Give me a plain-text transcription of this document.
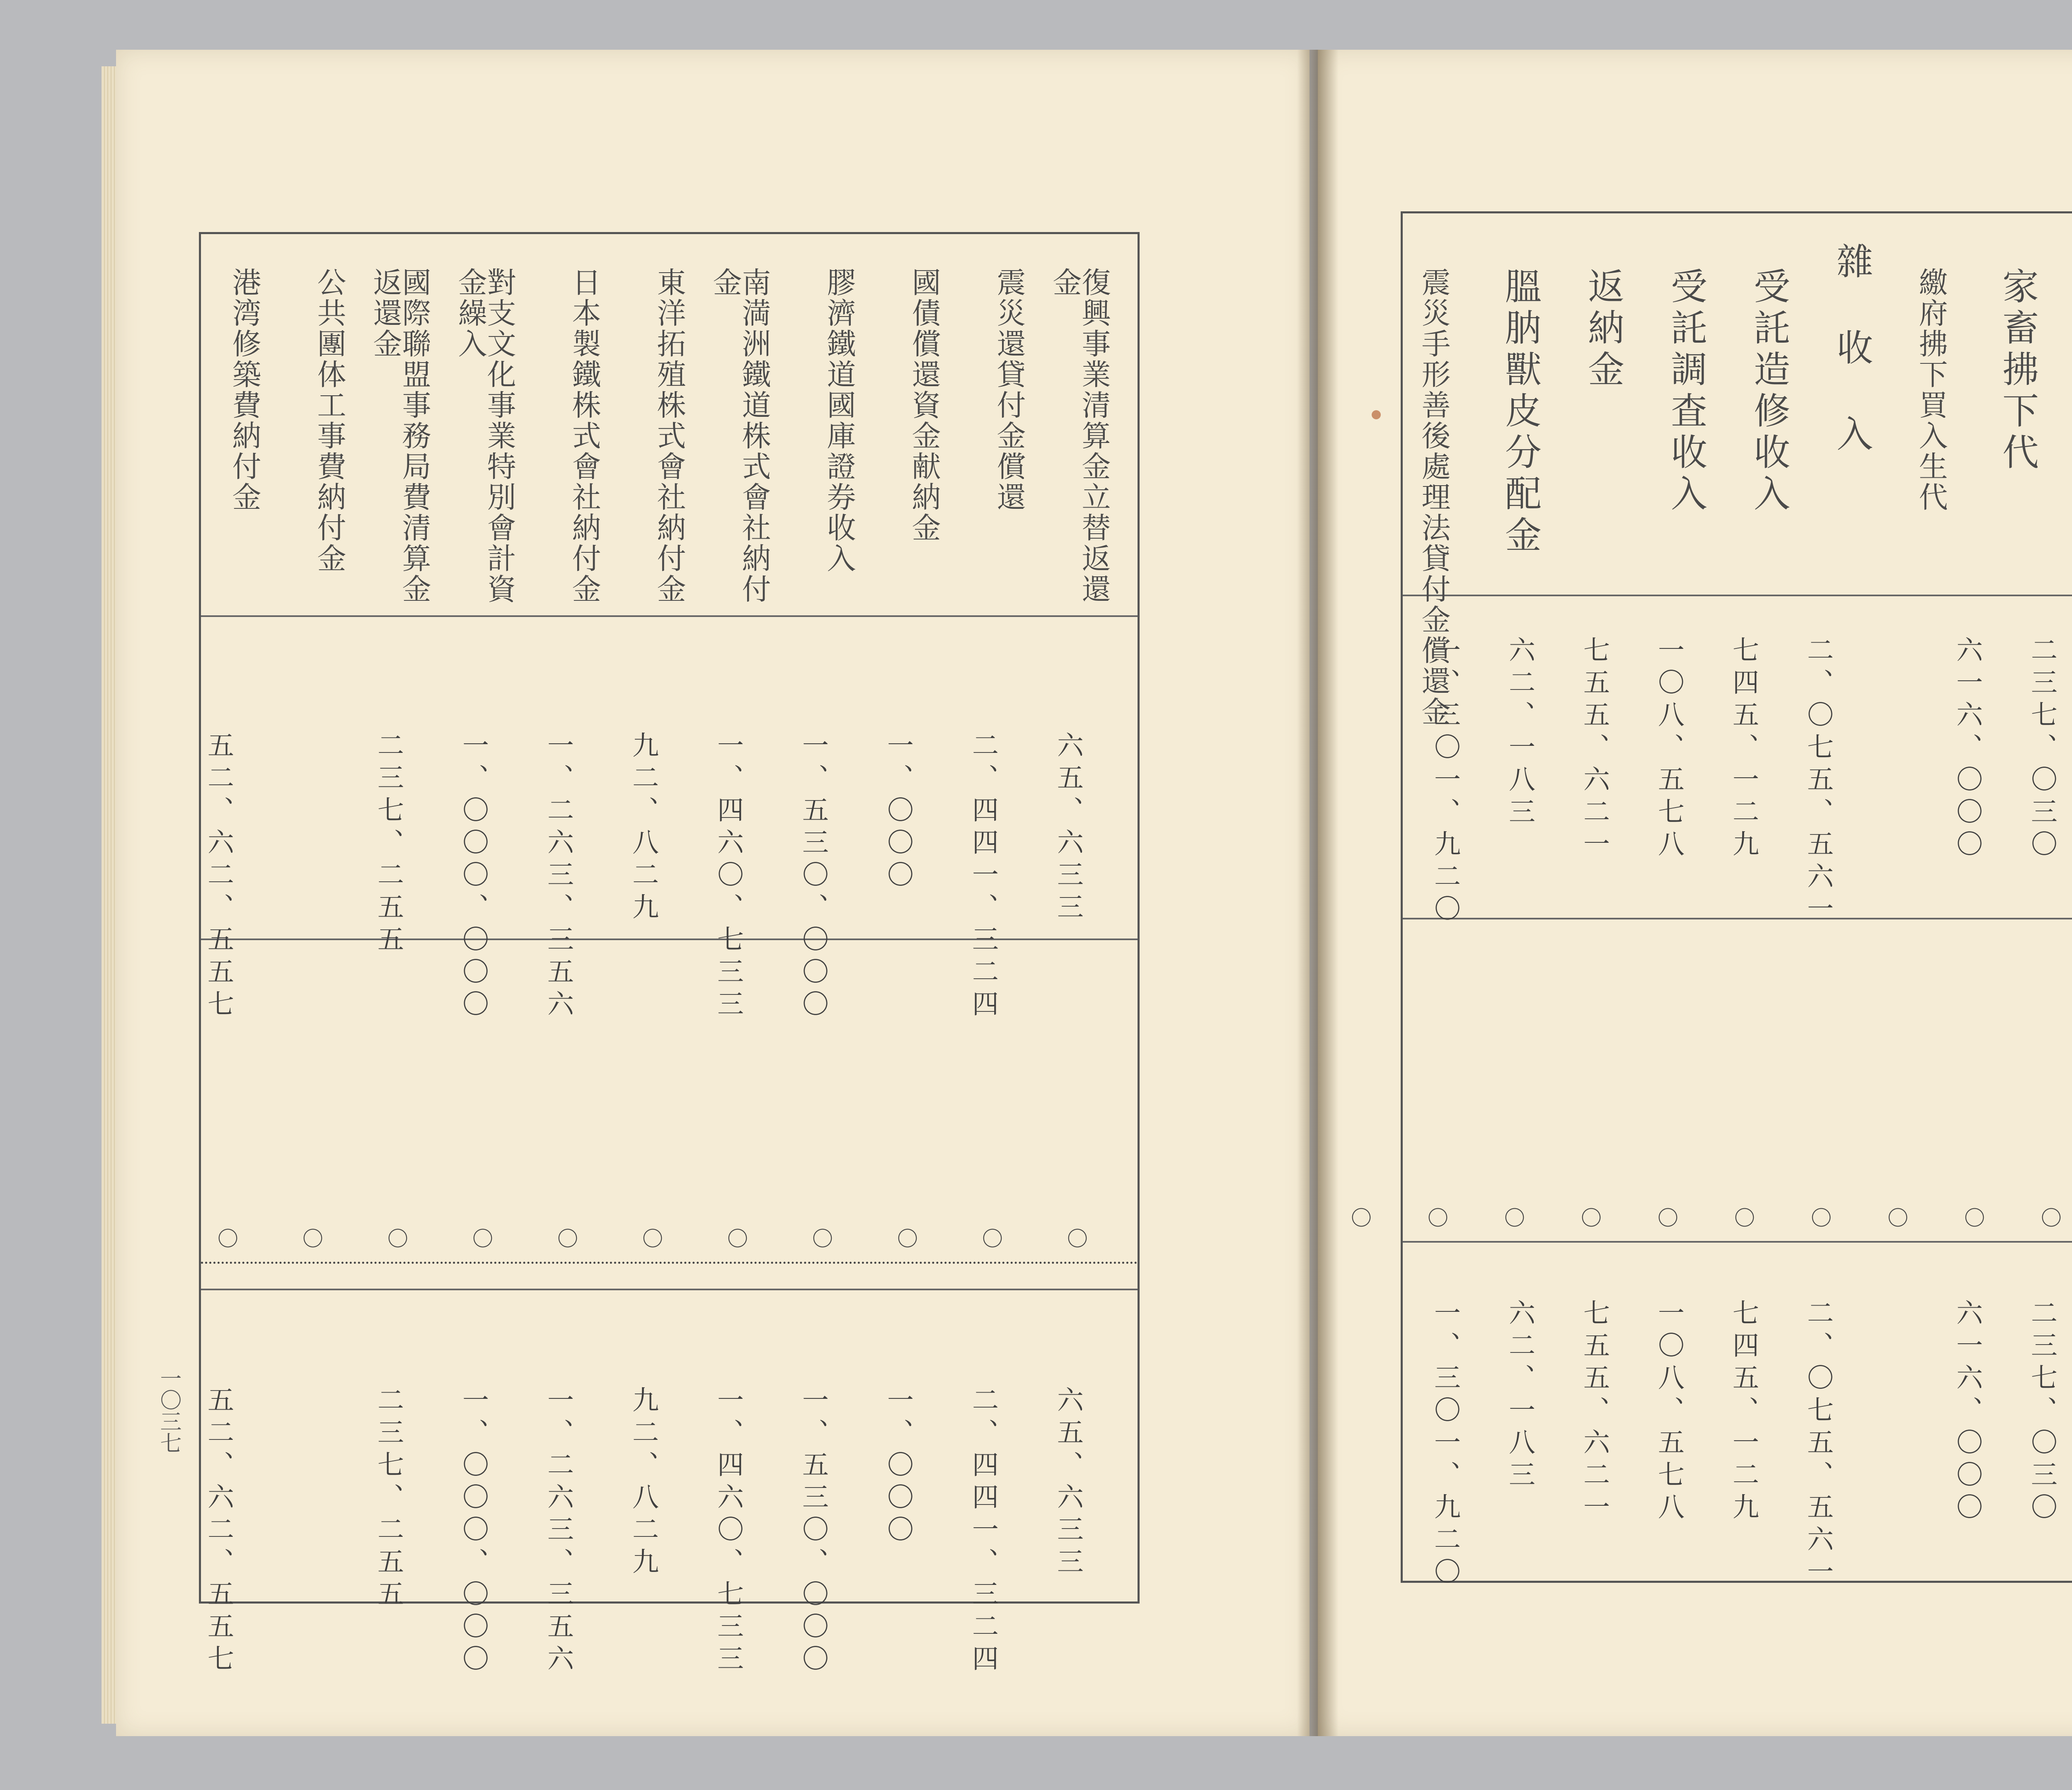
復興事業清算金立替返還金
震災還貸付金償還
國債償還資金献納金
膠濟鐵道國庫證券收入
南満洲鐵道株式會社納付金
東洋拓殖株式會社納付金
日本製鐵株式會社納付金
對支文化事業特別會計資金繰入
國際聯盟事務局費清算金返還金
公共團体工事費納付金
港湾修築費納付金
六五、六三三
六五、六三三
二、四四一、三二四
二、四四一、三二四
一、〇〇〇
一、〇〇〇
一、五三〇、〇〇〇
一、五三〇、〇〇〇
一、四六〇、七三三
一、四六〇、七三三
九二、八二九
九二、八二九
一、二六三、三五六
一、二六三、三五六
一、〇〇〇、〇〇〇
一、〇〇〇、〇〇〇
二三七、二五五
二三七、二五五
五二、六二、五五七
五二、六二、五五七
〇
〇
〇
〇
〇
〇
〇
〇
〇
〇
〇
一〇三七
家畜拂下代
繳府拂下買入生代
雜收入
受託造修收入
受託調査收入
返納金
膃肭獸皮分配金
震災手形善後處理法貸付金償還金
二三七、〇三〇
二三七、〇三〇
六一六、〇〇〇
六一六、〇〇〇
二、〇七五、五六一
二、〇七五、五六一
七四五、一二九
七四五、一二九
一〇八、五七八
一〇八、五七八
七五五、六二一
七五五、六二一
六二、一八三
六二、一八三
一、三〇一、九二〇
一、三〇一、九二〇
〇
〇
〇
〇
〇
〇
〇
〇
〇
〇
